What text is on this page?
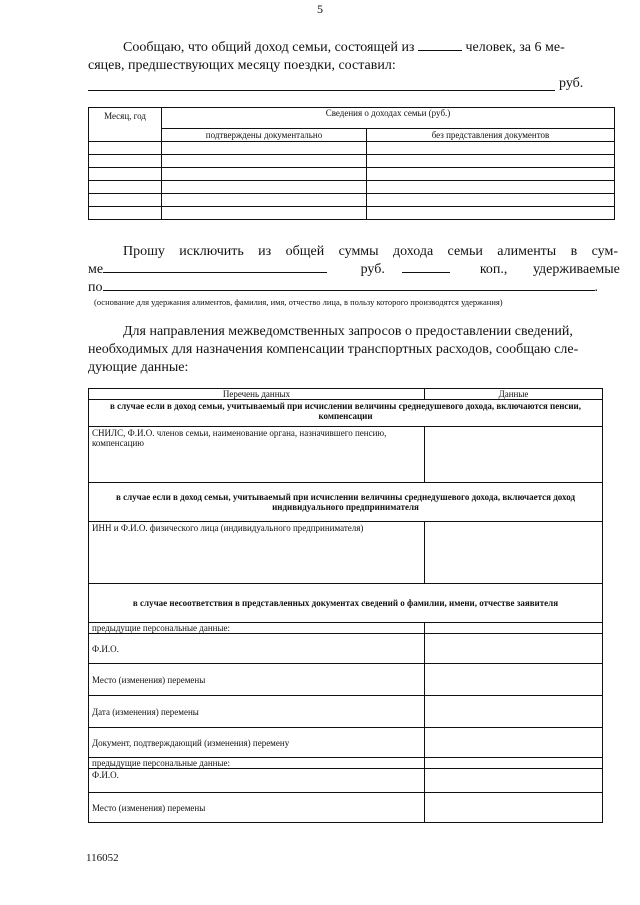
5
Сообщаю, что общий доход семьи, состоящей из	человек, за 6 ме-
сяцев, предшествующих месяцу поездки, составил:
руб.
Месяц, год	Сведения о доходах семьи (руб.)	
	подтверждены документально	без представления документов

Прошу исключить из общей суммы дохода семьи алименты в сум-
ме	руб.	коп., удерживаемые
по	.
(основание для удержания алиментов, фамилия, имя, отчество лица, в пользу которого производятся удержания)
Для направления межведомственных запросов о предоставлении сведений,
необходимых для назначения компенсации транспортных расходов, сообщаю сле-
дующие данные:
Перечень данных	Данные
в случае если в доход семьи, учитываемый при исчислении величины среднедушевого дохода, включаются пенсии, компенсации	
СНИЛС, Ф.И.О. членов семьи, наименование органа, назначившего пенсию, компенсацию	
в случае если в доход семьи, учитываемый при исчислении величины среднедушевого дохода, включается доход индивидуального предпринимателя	
ИНН и Ф.И.О. физического лица (индивидуального предпринимателя)	
в случае несоответствия в представленных документах сведений о фамилии, имени, отчестве заявителя	
предыдущие персональные данные:	
Ф.И.О.	
Место (изменения) перемены	
Дата (изменения) перемены	
Документ, подтверждающий (изменения) перемену	
предыдущие персональные данные:	
Ф.И.О.	
Место (изменения) перемены	
116052
